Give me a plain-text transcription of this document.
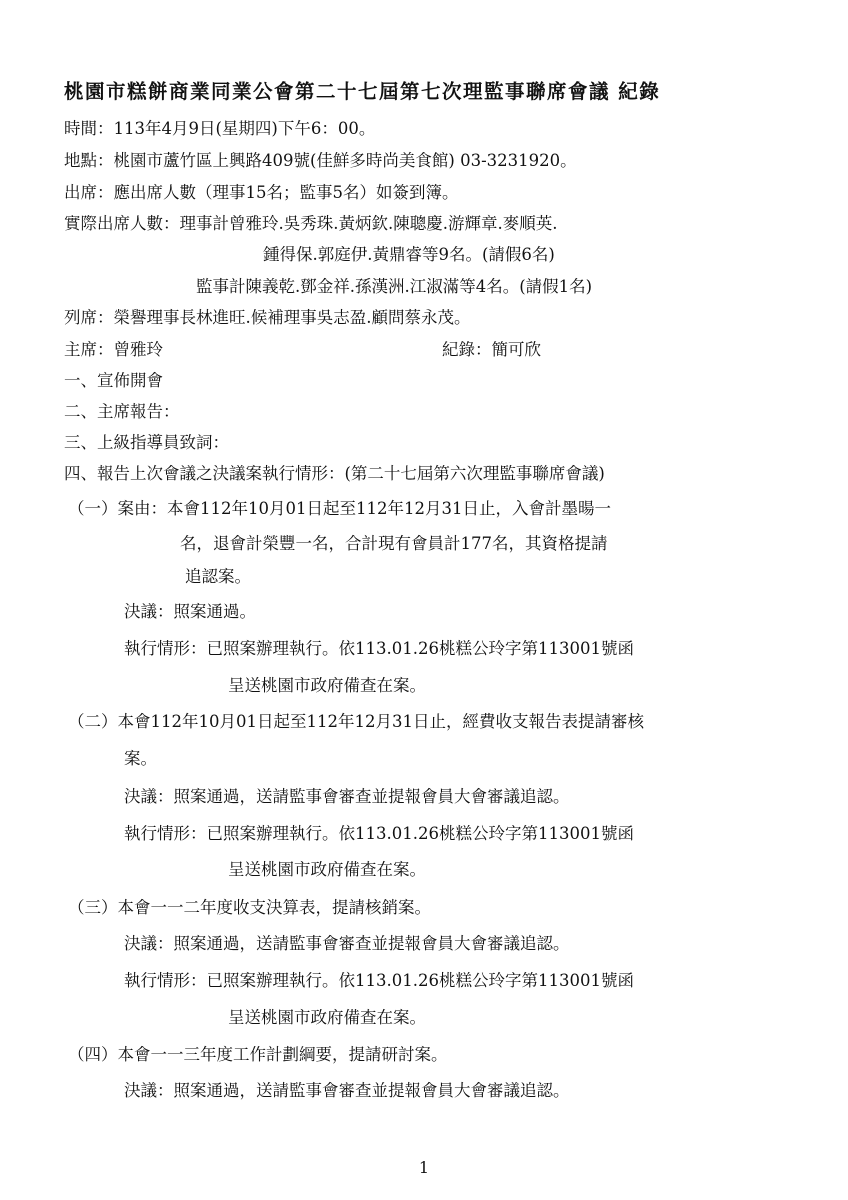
桃園市糕餅商業同業公會第二十七屆第七次理監事聯席會議 紀錄
時間：113年4月9日(星期四)下午6：00。
地點：桃園市蘆竹區上興路409號(佳鮮多時尚美食館) 03-3231920。
出席：應出席人數（理事15名；監事5名）如簽到簿。
實際出席人數：理事計曾雅玲.吳秀珠.黃炳欽.陳聰慶.游輝章.麥順英.
鍾得保.郭庭伊.黃鼎睿等9名。(請假6名)
監事計陳義乾.鄧金祥.孫漢洲.江淑滿等4名。(請假1名)
列席：榮譽理事長林進旺.候補理事吳志盈.顧問蔡永茂。
主席：曾雅玲	紀錄：簡可欣
一、宣佈開會
二、主席報告：
三、上級指導員致詞：
四、報告上次會議之決議案執行情形：(第二十七屆第六次理監事聯席會議)
（一）案由：本會112年10月01日起至112年12月31日止，入會計墨暘一
名，退會計榮豐一名，合計現有會員計177名，其資格提請
追認案。
決議：照案通過。
執行情形：已照案辦理執行。依113.01.26桃糕公玲字第113001號函
呈送桃園市政府備查在案。
（二）本會112年10月01日起至112年12月31日止，經費收支報告表提請審核
案。
決議：照案通過，送請監事會審查並提報會員大會審議追認。
執行情形：已照案辦理執行。依113.01.26桃糕公玲字第113001號函
呈送桃園市政府備查在案。
（三）本會一一二年度收支決算表，提請核銷案。
決議：照案通過，送請監事會審查並提報會員大會審議追認。
執行情形：已照案辦理執行。依113.01.26桃糕公玲字第113001號函
呈送桃園市政府備查在案。
（四）本會一一三年度工作計劃綱要，提請研討案。
決議：照案通過，送請監事會審查並提報會員大會審議追認。
1
